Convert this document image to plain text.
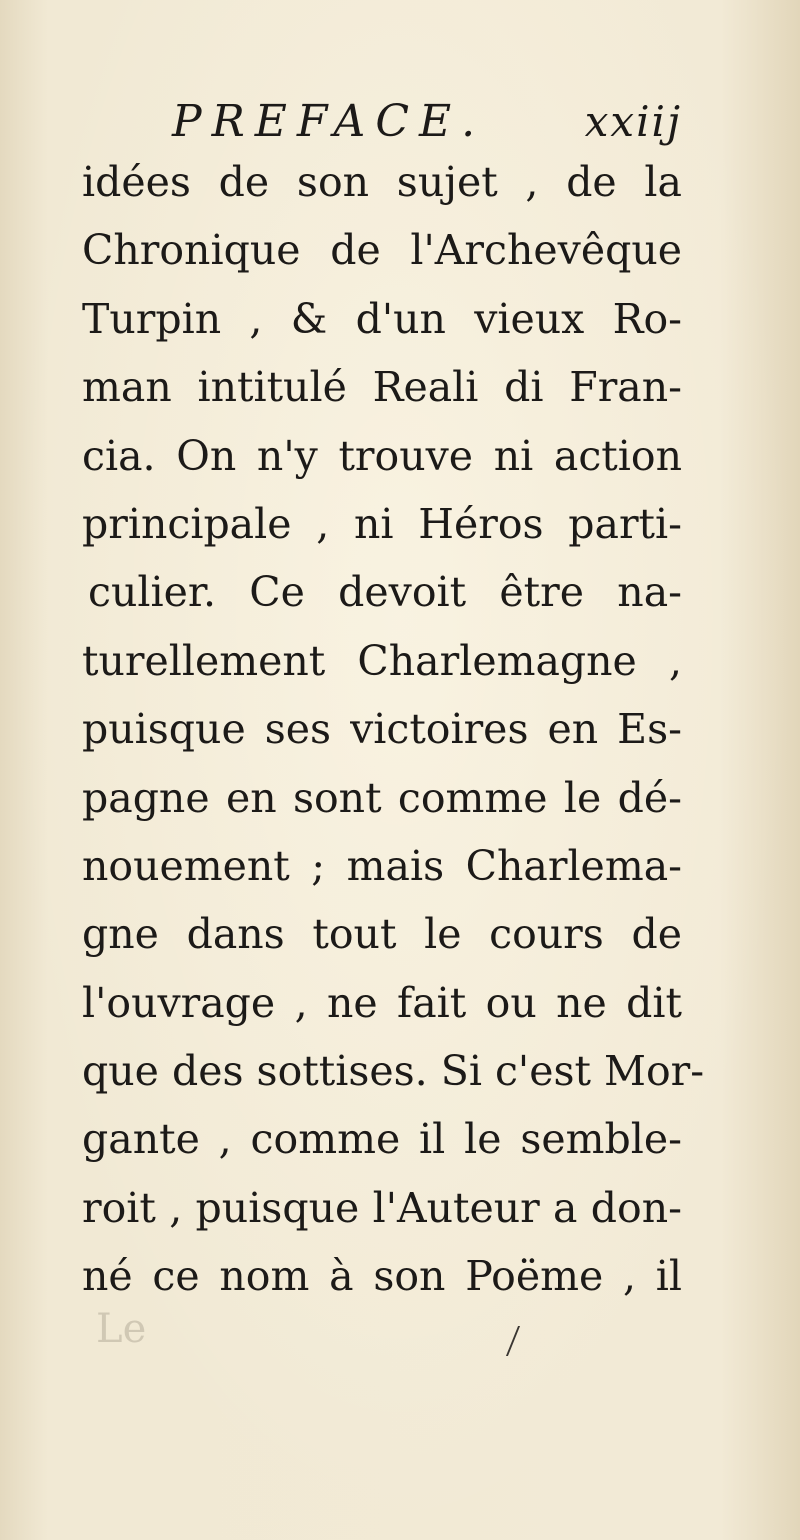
PREFACE. xxiij
idées de son sujet , de la
Chronique de l'Archevêque
Turpin , & d'un vieux Ro-
man intitulé Reali di Fran-
cia. On n'y trouve ni action
principale , ni Héros parti-
culier. Ce devoit être na-
turellement Charlemagne ,
puisque ses victoires en Es-
pagne en sont comme le dé-
nouement ; mais Charlema-
gne dans tout le cours de
l'ouvrage , ne fait ou ne dit
que des sottises. Si c'est Mor-
gante , comme il le semble-
roit , puisque l'Auteur a don-
né ce nom à son Poëme , il
Le
